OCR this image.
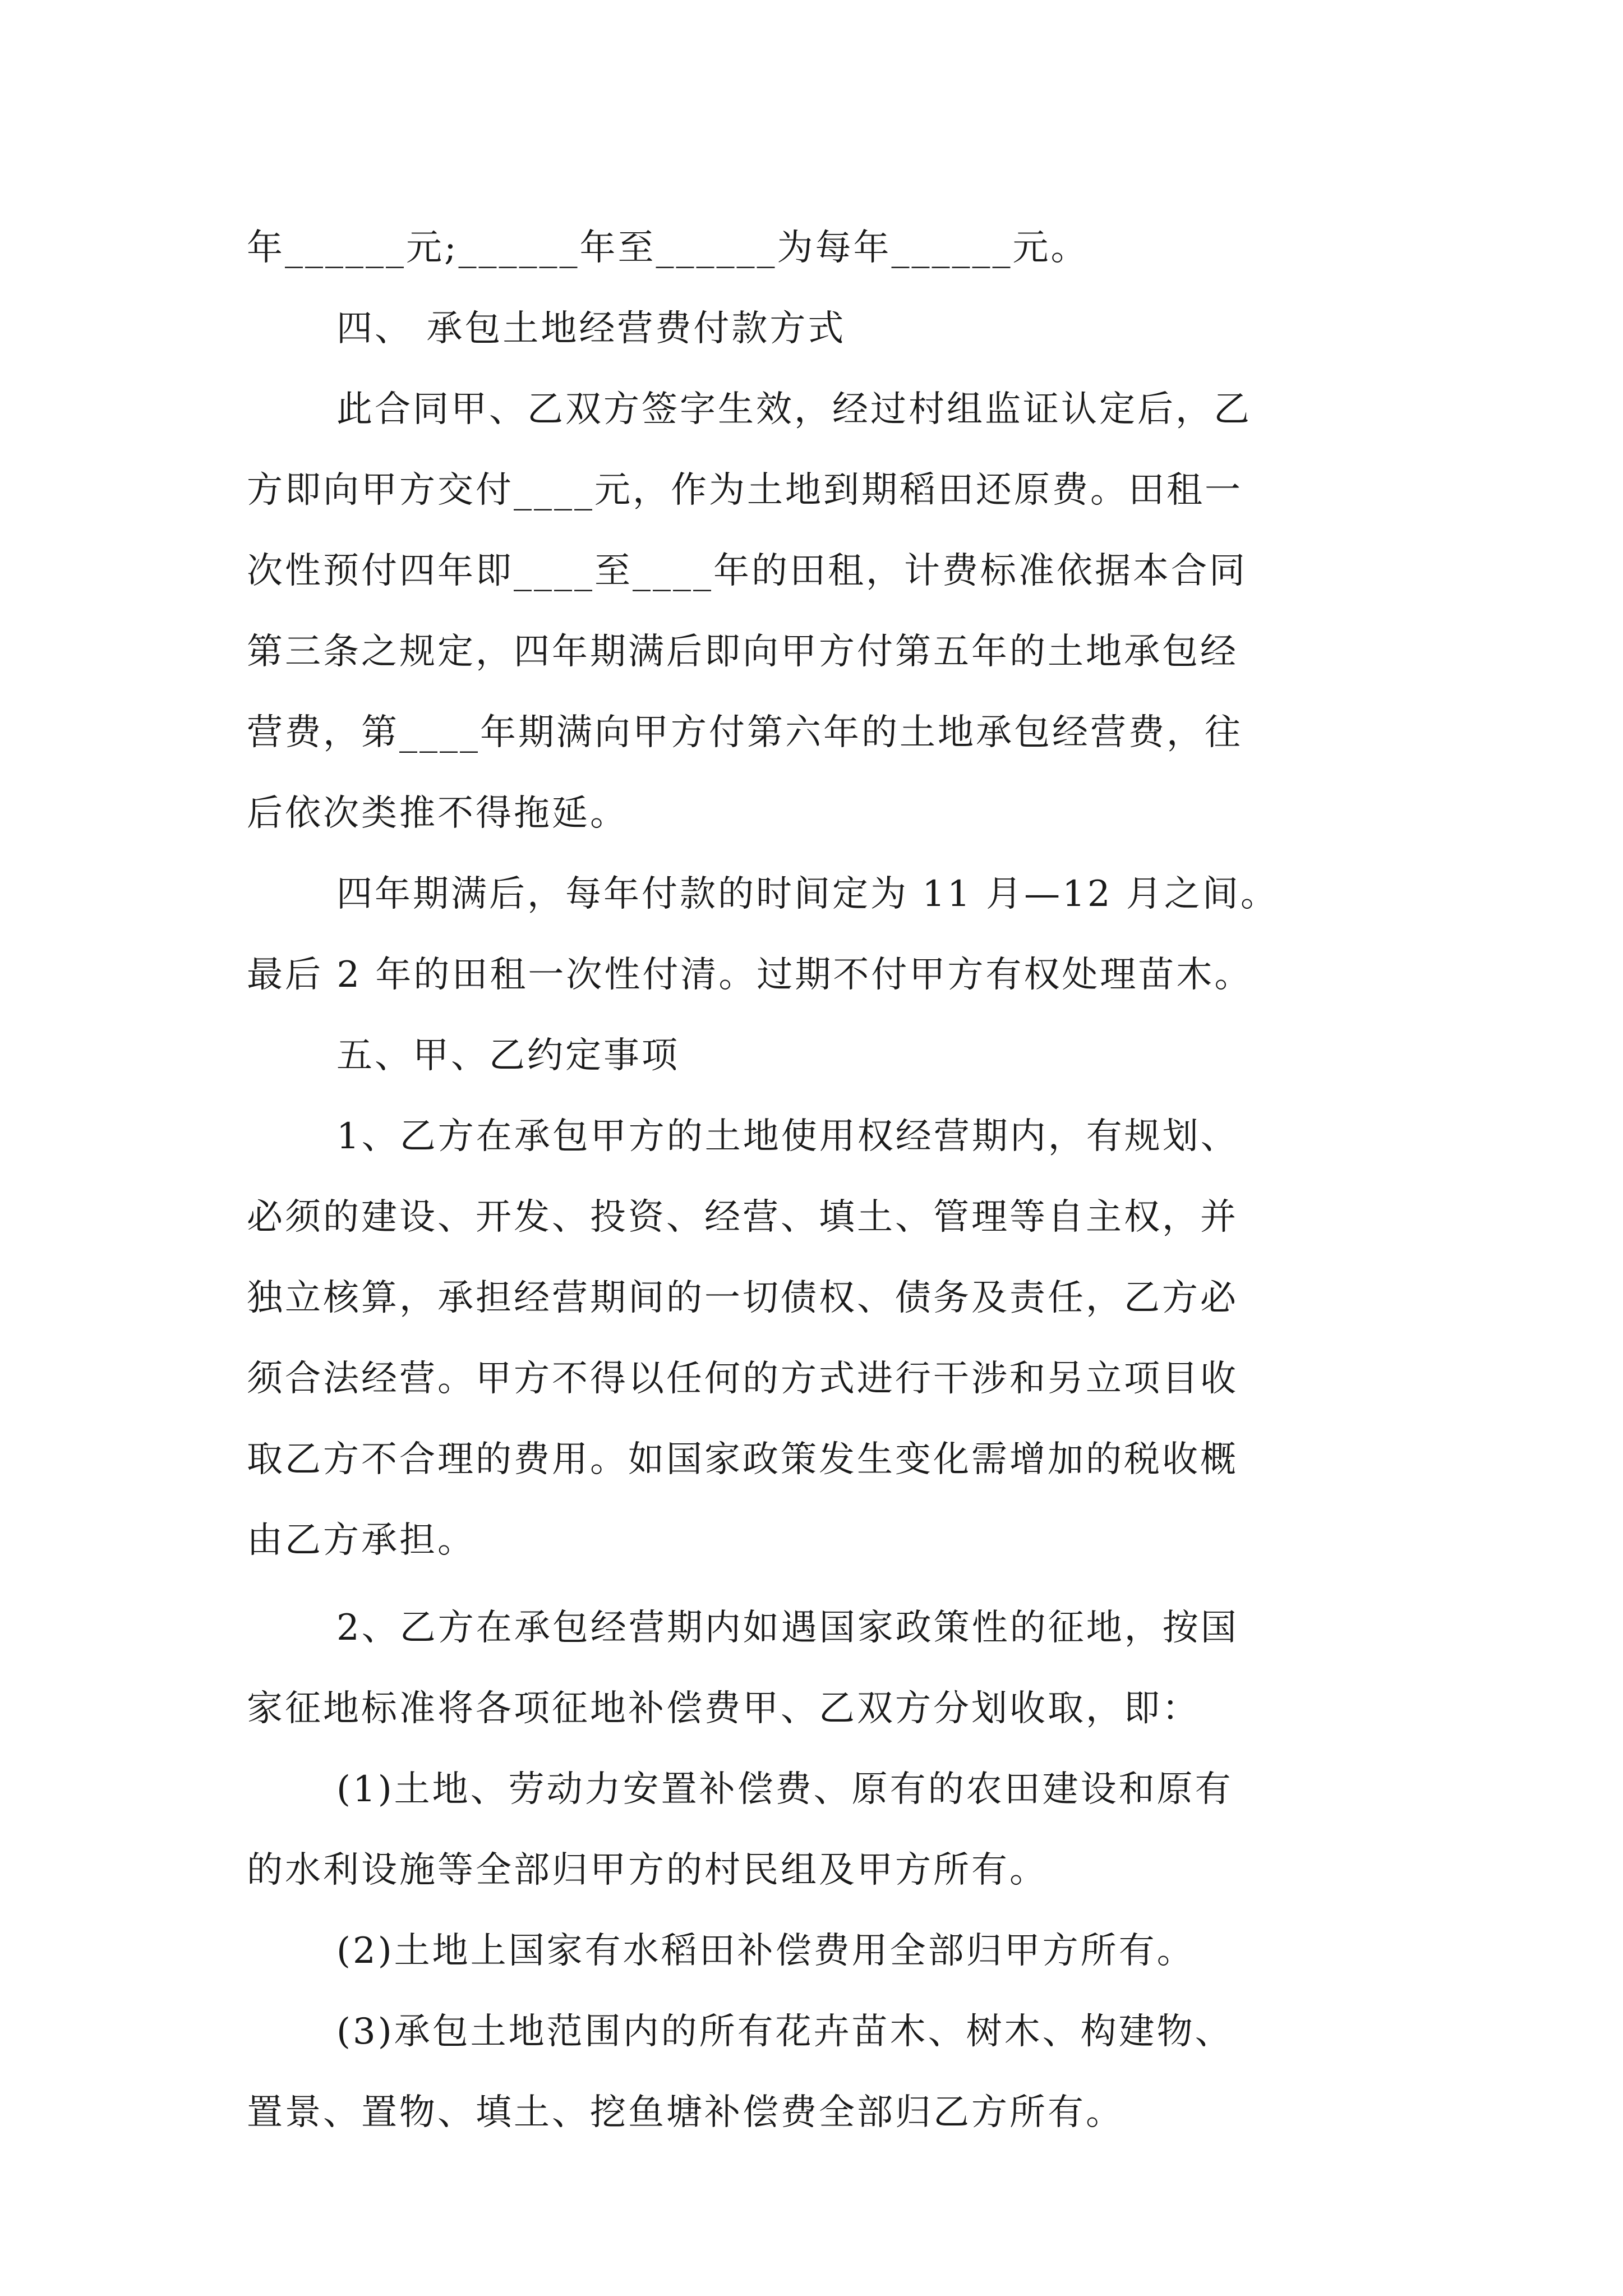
年______元;______年至______为每年______元。
四、 承包土地经营费付款方式
此合同甲、乙双方签字生效，经过村组监证认定后，乙
方即向甲方交付____元，作为土地到期稻田还原费。田租一
次性预付四年即____至____年的田租，计费标准依据本合同
第三条之规定，四年期满后即向甲方付第五年的土地承包经
营费，第____年期满向甲方付第六年的土地承包经营费，往
后依次类推不得拖延。
四年期满后，每年付款的时间定为 11 月—12 月之间。
最后 2 年的田租一次性付清。过期不付甲方有权处理苗木。
五、甲、乙约定事项
1、乙方在承包甲方的土地使用权经营期内，有规划、
必须的建设、开发、投资、经营、填土、管理等自主权，并
独立核算，承担经营期间的一切债权、债务及责任，乙方必
须合法经营。甲方不得以任何的方式进行干涉和另立项目收
取乙方不合理的费用。如国家政策发生变化需增加的税收概
由乙方承担。
2、乙方在承包经营期内如遇国家政策性的征地，按国
家征地标准将各项征地补偿费甲、乙双方分划收取，即：
(1)土地、劳动力安置补偿费、原有的农田建设和原有
的水利设施等全部归甲方的村民组及甲方所有。
(2)土地上国家有水稻田补偿费用全部归甲方所有。
(3)承包土地范围内的所有花卉苗木、树木、构建物、
置景、置物、填土、挖鱼塘补偿费全部归乙方所有。
